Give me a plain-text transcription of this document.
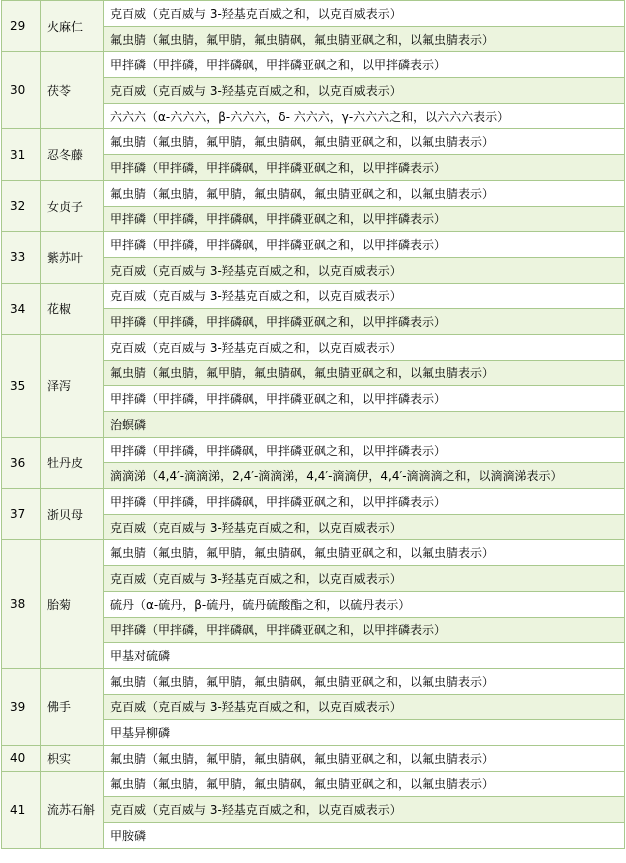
29	火麻仁	克百威（克百威与 3-羟基克百威之和，以克百威表示）
		氟虫腈（氟虫腈，氟甲腈，氟虫腈砜，氟虫腈亚砜之和，以氟虫腈表示）
30	茯苓	甲拌磷（甲拌磷，甲拌磷砜，甲拌磷亚砜之和，以甲拌磷表示）
		克百威（克百威与 3-羟基克百威之和，以克百威表示）
		六六六（α-六六六，β-六六六，δ- 六六六，γ-六六六之和，以六六六表示）
31	忍冬藤	氟虫腈（氟虫腈，氟甲腈，氟虫腈砜，氟虫腈亚砜之和，以氟虫腈表示）
		甲拌磷（甲拌磷，甲拌磷砜，甲拌磷亚砜之和，以甲拌磷表示）
32	女贞子	氟虫腈（氟虫腈，氟甲腈，氟虫腈砜，氟虫腈亚砜之和，以氟虫腈表示）
		甲拌磷（甲拌磷，甲拌磷砜，甲拌磷亚砜之和，以甲拌磷表示）
33	紫苏叶	甲拌磷（甲拌磷，甲拌磷砜，甲拌磷亚砜之和，以甲拌磷表示）
		克百威（克百威与 3-羟基克百威之和，以克百威表示）
34	花椒	克百威（克百威与 3-羟基克百威之和，以克百威表示）
		甲拌磷（甲拌磷，甲拌磷砜，甲拌磷亚砜之和，以甲拌磷表示）
35	泽泻	克百威（克百威与 3-羟基克百威之和，以克百威表示）
		氟虫腈（氟虫腈，氟甲腈，氟虫腈砜，氟虫腈亚砜之和，以氟虫腈表示）
		甲拌磷（甲拌磷，甲拌磷砜，甲拌磷亚砜之和，以甲拌磷表示）
		治螟磷
36	牡丹皮	甲拌磷（甲拌磷，甲拌磷砜，甲拌磷亚砜之和，以甲拌磷表示）
		滴滴涕（4,4′-滴滴涕，2,4′-滴滴涕，4,4′-滴滴伊，4,4′-滴滴滴之和，以滴滴涕表示）
37	浙贝母	甲拌磷（甲拌磷，甲拌磷砜，甲拌磷亚砜之和，以甲拌磷表示）
		克百威（克百威与 3-羟基克百威之和，以克百威表示）
38	胎菊	氟虫腈（氟虫腈，氟甲腈，氟虫腈砜，氟虫腈亚砜之和，以氟虫腈表示）
		克百威（克百威与 3-羟基克百威之和，以克百威表示）
		硫丹（α-硫丹，β-硫丹，硫丹硫酸酯之和，以硫丹表示）
		甲拌磷（甲拌磷，甲拌磷砜，甲拌磷亚砜之和，以甲拌磷表示）
		甲基对硫磷
39	佛手	氟虫腈（氟虫腈，氟甲腈，氟虫腈砜，氟虫腈亚砜之和，以氟虫腈表示）
		克百威（克百威与 3-羟基克百威之和，以克百威表示）
		甲基异柳磷
40	枳实	氟虫腈（氟虫腈，氟甲腈，氟虫腈砜，氟虫腈亚砜之和，以氟虫腈表示）
41	流苏石斛	氟虫腈（氟虫腈，氟甲腈，氟虫腈砜，氟虫腈亚砜之和，以氟虫腈表示）
		克百威（克百威与 3-羟基克百威之和，以克百威表示）
		甲胺磷
